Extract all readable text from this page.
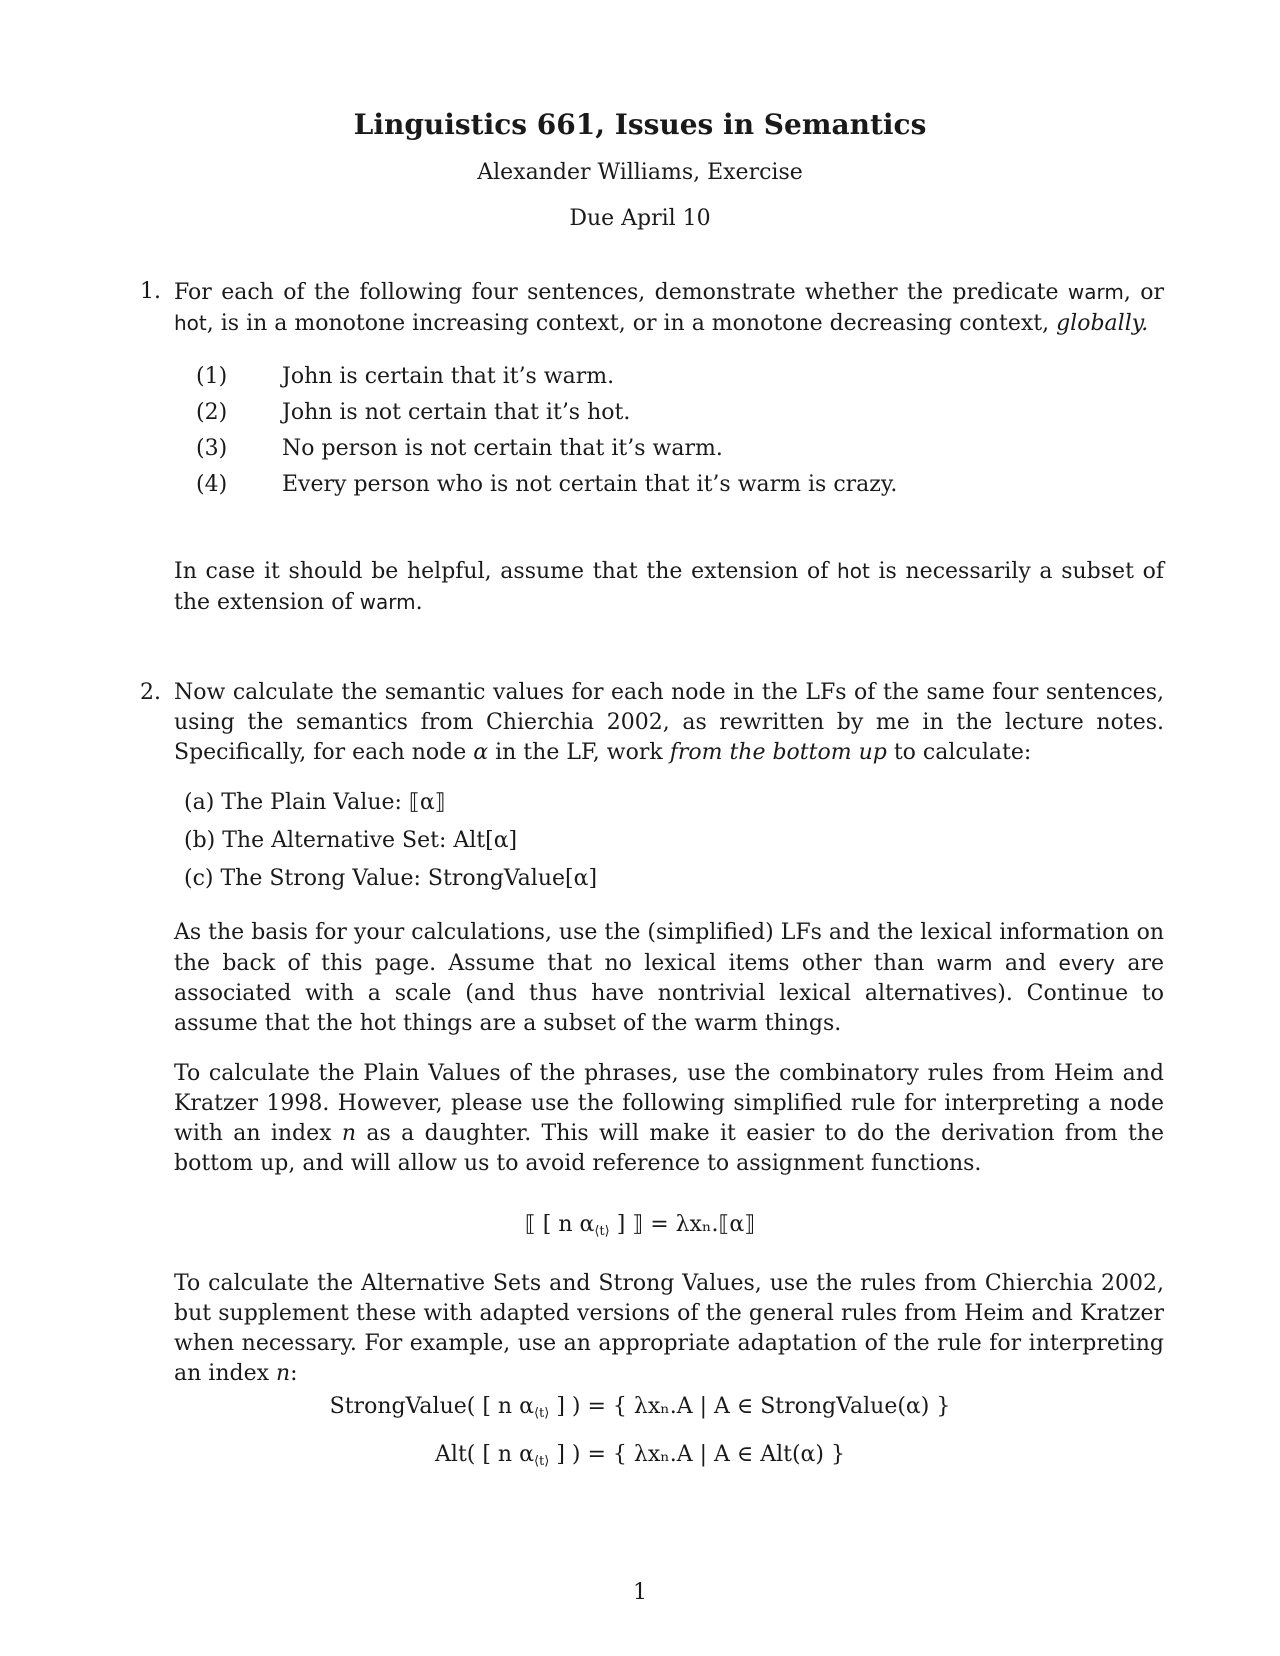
Linguistics 661, Issues in Semantics
Alexander Williams, Exercise
Due April 10
1. For each of the following four sentences, demonstrate whether the predicate warm, or hot, is in a monotone increasing context, or in a monotone decreasing context, globally.
(1) John is certain that it’s warm.
(2) John is not certain that it’s hot.
(3) No person is not certain that it’s warm.
(4) Every person who is not certain that it’s warm is crazy.
In case it should be helpful, assume that the extension of hot is necessarily a subset of the extension of warm.
2. Now calculate the semantic values for each node in the LFs of the same four sentences, using the semantics from Chierchia 2002, as rewritten by me in the lecture notes. Specifically, for each node α in the LF, work from the bottom up to calculate:
(a) The Plain Value: ⟦α⟧
(b) The Alternative Set: Alt[α]
(c) The Strong Value: StrongValue[α]
As the basis for your calculations, use the (simplified) LFs and the lexical information on the back of this page. Assume that no lexical items other than warm and every are associated with a scale (and thus have nontrivial lexical alternatives). Continue to assume that the hot things are a subset of the warm things.
To calculate the Plain Values of the phrases, use the combinatory rules from Heim and Kratzer 1998. However, please use the following simplified rule for interpreting a node with an index n as a daughter. This will make it easier to do the derivation from the bottom up, and will allow us to avoid reference to assignment functions.
⟦ [ n $\alpha_{⟨t⟩}$ ] ⟧ = λxₙ.⟦α⟧
To calculate the Alternative Sets and Strong Values, use the rules from Chierchia 2002, but supplement these with adapted versions of the general rules from Heim and Kratzer when necessary. For example, use an appropriate adaptation of the rule for interpreting an index n:
StrongValue( [ n $\alpha_{⟨t⟩}$ ] ) = { λxₙ.A | A ∈ StrongValue(α) }
Alt( [ n $\alpha_{⟨t⟩}$ ] ) = { λxₙ.A | A ∈ Alt(α) }
1
